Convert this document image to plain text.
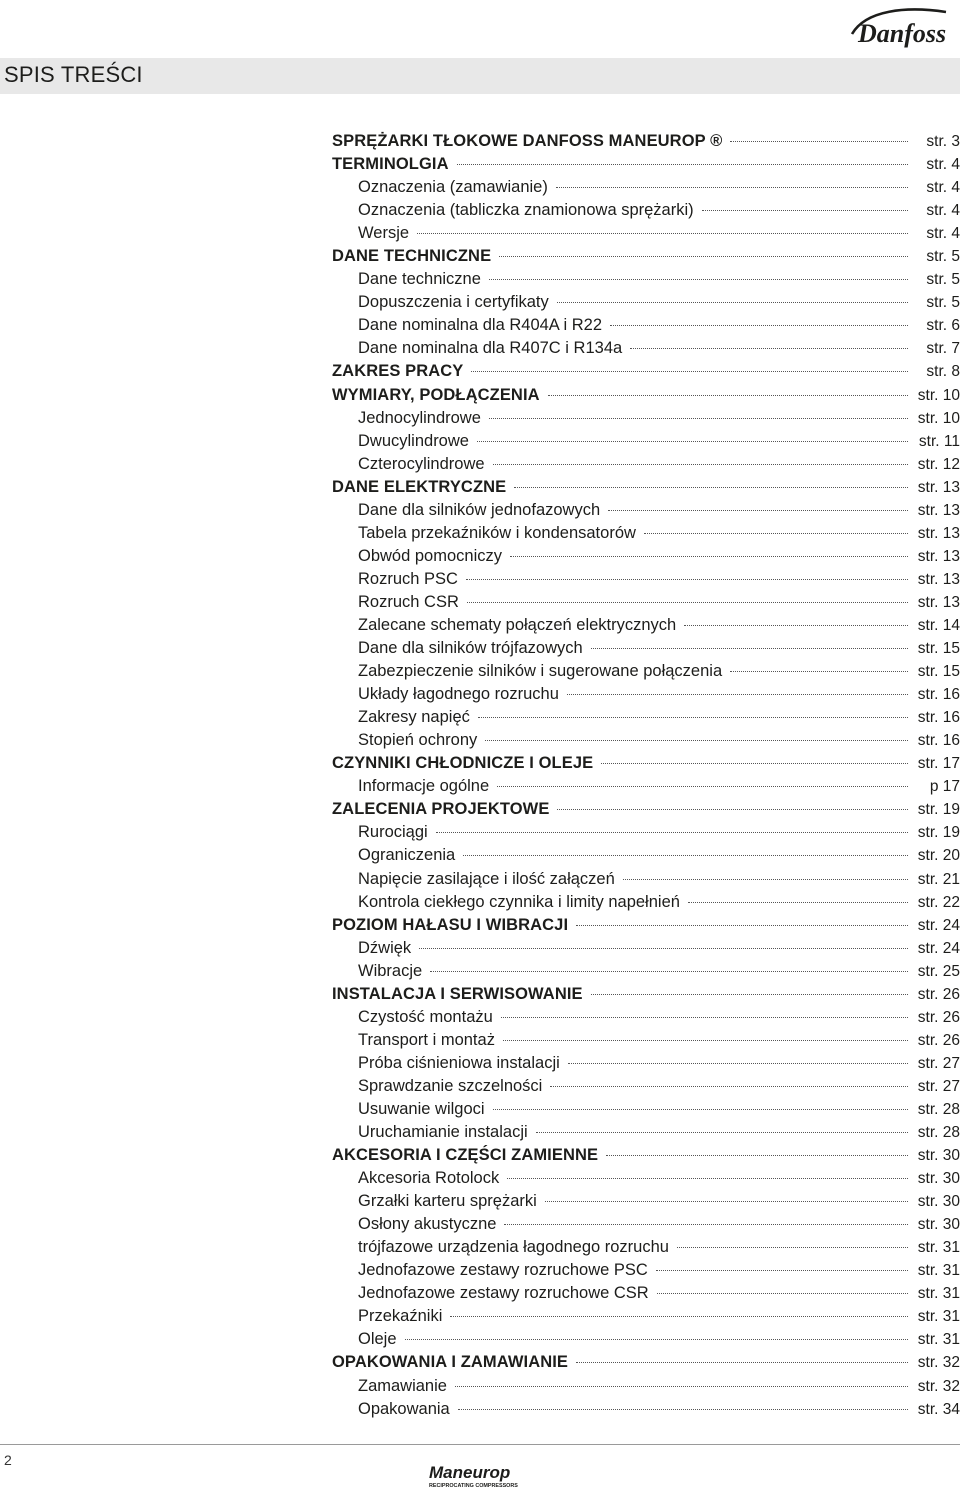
Danfoss
SPIS TREŚCI
SPRĘŻARKI TŁOKOWE DANFOSS MANEUROP ®	str. 3
TERMINOLGIA	str. 4
Oznaczenia (zamawianie)	str. 4
Oznaczenia (tabliczka znamionowa sprężarki)	str. 4
Wersje	str. 4
DANE TECHNICZNE	str. 5
Dane techniczne	str. 5
Dopuszczenia i certyfikaty	str. 5
Dane nominalna dla R404A i R22	str. 6
Dane nominalna dla R407C i R134a	str. 7
ZAKRES PRACY	str. 8
WYMIARY, PODŁĄCZENIA	str. 10
Jednocylindrowe	str. 10
Dwucylindrowe	str. 11
Czterocylindrowe	str. 12
DANE ELEKTRYCZNE	str. 13
Dane dla silników jednofazowych	str. 13
Tabela przekaźników i kondensatorów	str. 13
Obwód pomocniczy	str. 13
Rozruch PSC	str. 13
Rozruch CSR	str. 13
Zalecane schematy połączeń elektrycznych	str. 14
Dane dla silników trójfazowych	str. 15
Zabezpieczenie silników i sugerowane połączenia	str. 15
Układy łagodnego rozruchu	str. 16
Zakresy napięć	str. 16
Stopień ochrony	str. 16
CZYNNIKI CHŁODNICZE I OLEJE	str. 17
Informacje ogólne	p 17
ZALECENIA PROJEKTOWE	str. 19
Rurociągi	str. 19
Ograniczenia	str. 20
Napięcie zasilające i ilość załączeń	str. 21
Kontrola ciekłego czynnika i limity napełnień	str. 22
POZIOM HAŁASU I WIBRACJI	str. 24
Dźwięk	str. 24
Wibracje	str. 25
INSTALACJA I SERWISOWANIE	str. 26
Czystość montażu	str. 26
Transport i montaż	str. 26
Próba ciśnieniowa instalacji	str. 27
Sprawdzanie szczelności	str. 27
Usuwanie wilgoci	str. 28
Uruchamianie instalacji	str. 28
AKCESORIA I CZĘŚCI ZAMIENNE	str. 30
Akcesoria Rotolock	str. 30
Grzałki karteru sprężarki	str. 30
Osłony akustyczne	str. 30
trójfazowe urządzenia łagodnego rozruchu	str. 31
Jednofazowe zestawy rozruchowe PSC	str. 31
Jednofazowe zestawy rozruchowe CSR	str. 31
Przekaźniki	str. 31
Oleje	str. 31
OPAKOWANIA I ZAMAWIANIE	str. 32
Zamawianie	str. 32
Opakowania	str. 34
2
Maneurop
RECIPROCATING COMPRESSORS
